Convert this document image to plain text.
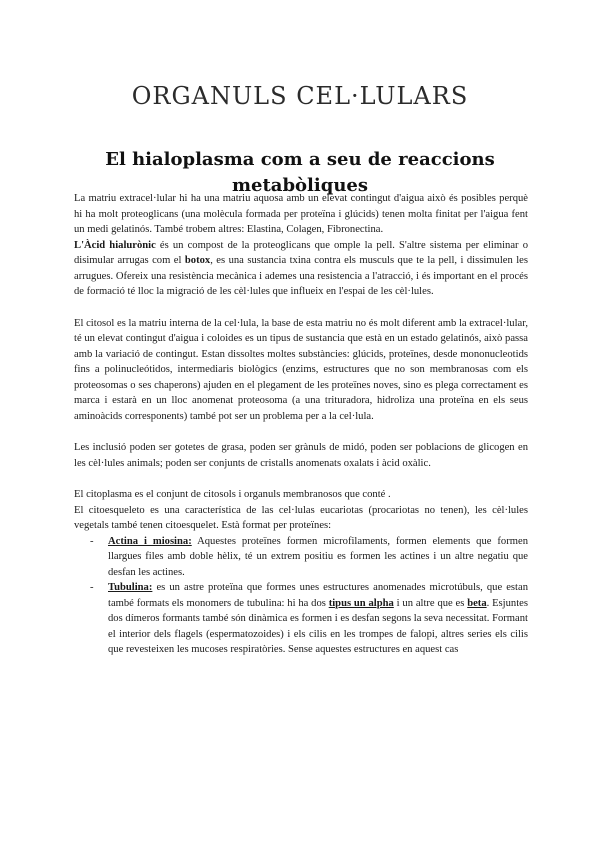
ORGANULS CEL·LULARS
El hialoplasma com a seu de reaccions metabòliques

La matriu extracel·lular hi ha una matriu aquosa amb un elevat contingut d'aigua això és posibles perquè hi ha molt proteoglicans (una molècula formada per proteïna i glúcids) tenen molta finitat per l'aigua fent un medi gelatinós. També trobem altres: Elastina, Colagen, Fibronectina.

L'Àcid hialurònic és un compost de la proteoglicans que omple la pell. S'altre sistema per eliminar o disimular arrugas com el botox, es una sustancia txina contra els musculs que te la pell, i dissimulen les arrugues. Ofereix una resistència mecànica i ademes una resistencia a l'atracció, i és important en el procés de formació té lloc la migració de les cèl·lules que influeix en l'espai de les cèl·lules.

El citosol es la matriu interna de la cel·lula, la base de esta matriu no és molt diferent amb la extracel·lular, té un elevat contingut d'aigua i coloides es un tipus de sustancia que està en un estado gelatinós, això passa amb la variació de contingut. Estan dissoltes moltes substàncies: glúcids, proteïnes, desde mononucleotids fins a polinucleótidos, intermediaris biològics (enzims, estructures que no son membranosas com els proteosomas o ses chaperons) ajuden en el plegament de les proteïnes noves, sino es plega correctament es marca i estarà en un lloc anomenat proteosoma (a una trituradora, hidroliza una proteïna en els seus aminoàcids corresponents) també pot ser un problema per a la cel·lula.

Les inclusió poden ser gotetes de grasa, poden ser grànuls de midó, poden ser poblacions de glicogen en les cèl·lules animals; poden ser conjunts de cristalls anomenats oxalats i àcid oxàlic.

El citoplasma es el conjunt de citosols i organuls membranosos que conté .

El citoesqueleto es una característica de las cel·lulas eucariotas (procariotas no tenen), les cèl·lules vegetals també tenen citoesquelet. Està format per proteïnes:

- Actina i miosina: Aquestes proteïnes formen microfilaments, formen elements que formen llargues files amb doble hèlix, té un extrem positiu es formen les actines i un altre negatiu que desfan les actines.
- Tubulina: es un astre proteïna que formes unes estructures anomenades microtúbuls, que estan també formats els monomers de tubulina: hi ha dos tipus un alpha i un altre que es beta. Esjuntes dos dímeros formants també són dinàmica es formen i es desfan segons la seva necessitat. Formant el interior dels flagels (espermatozoides) i els cilis en les trompes de falopi, altres series els cilis que revesteixen les mucoses respiratòries. Sense aquestes estructures en aquest cas
